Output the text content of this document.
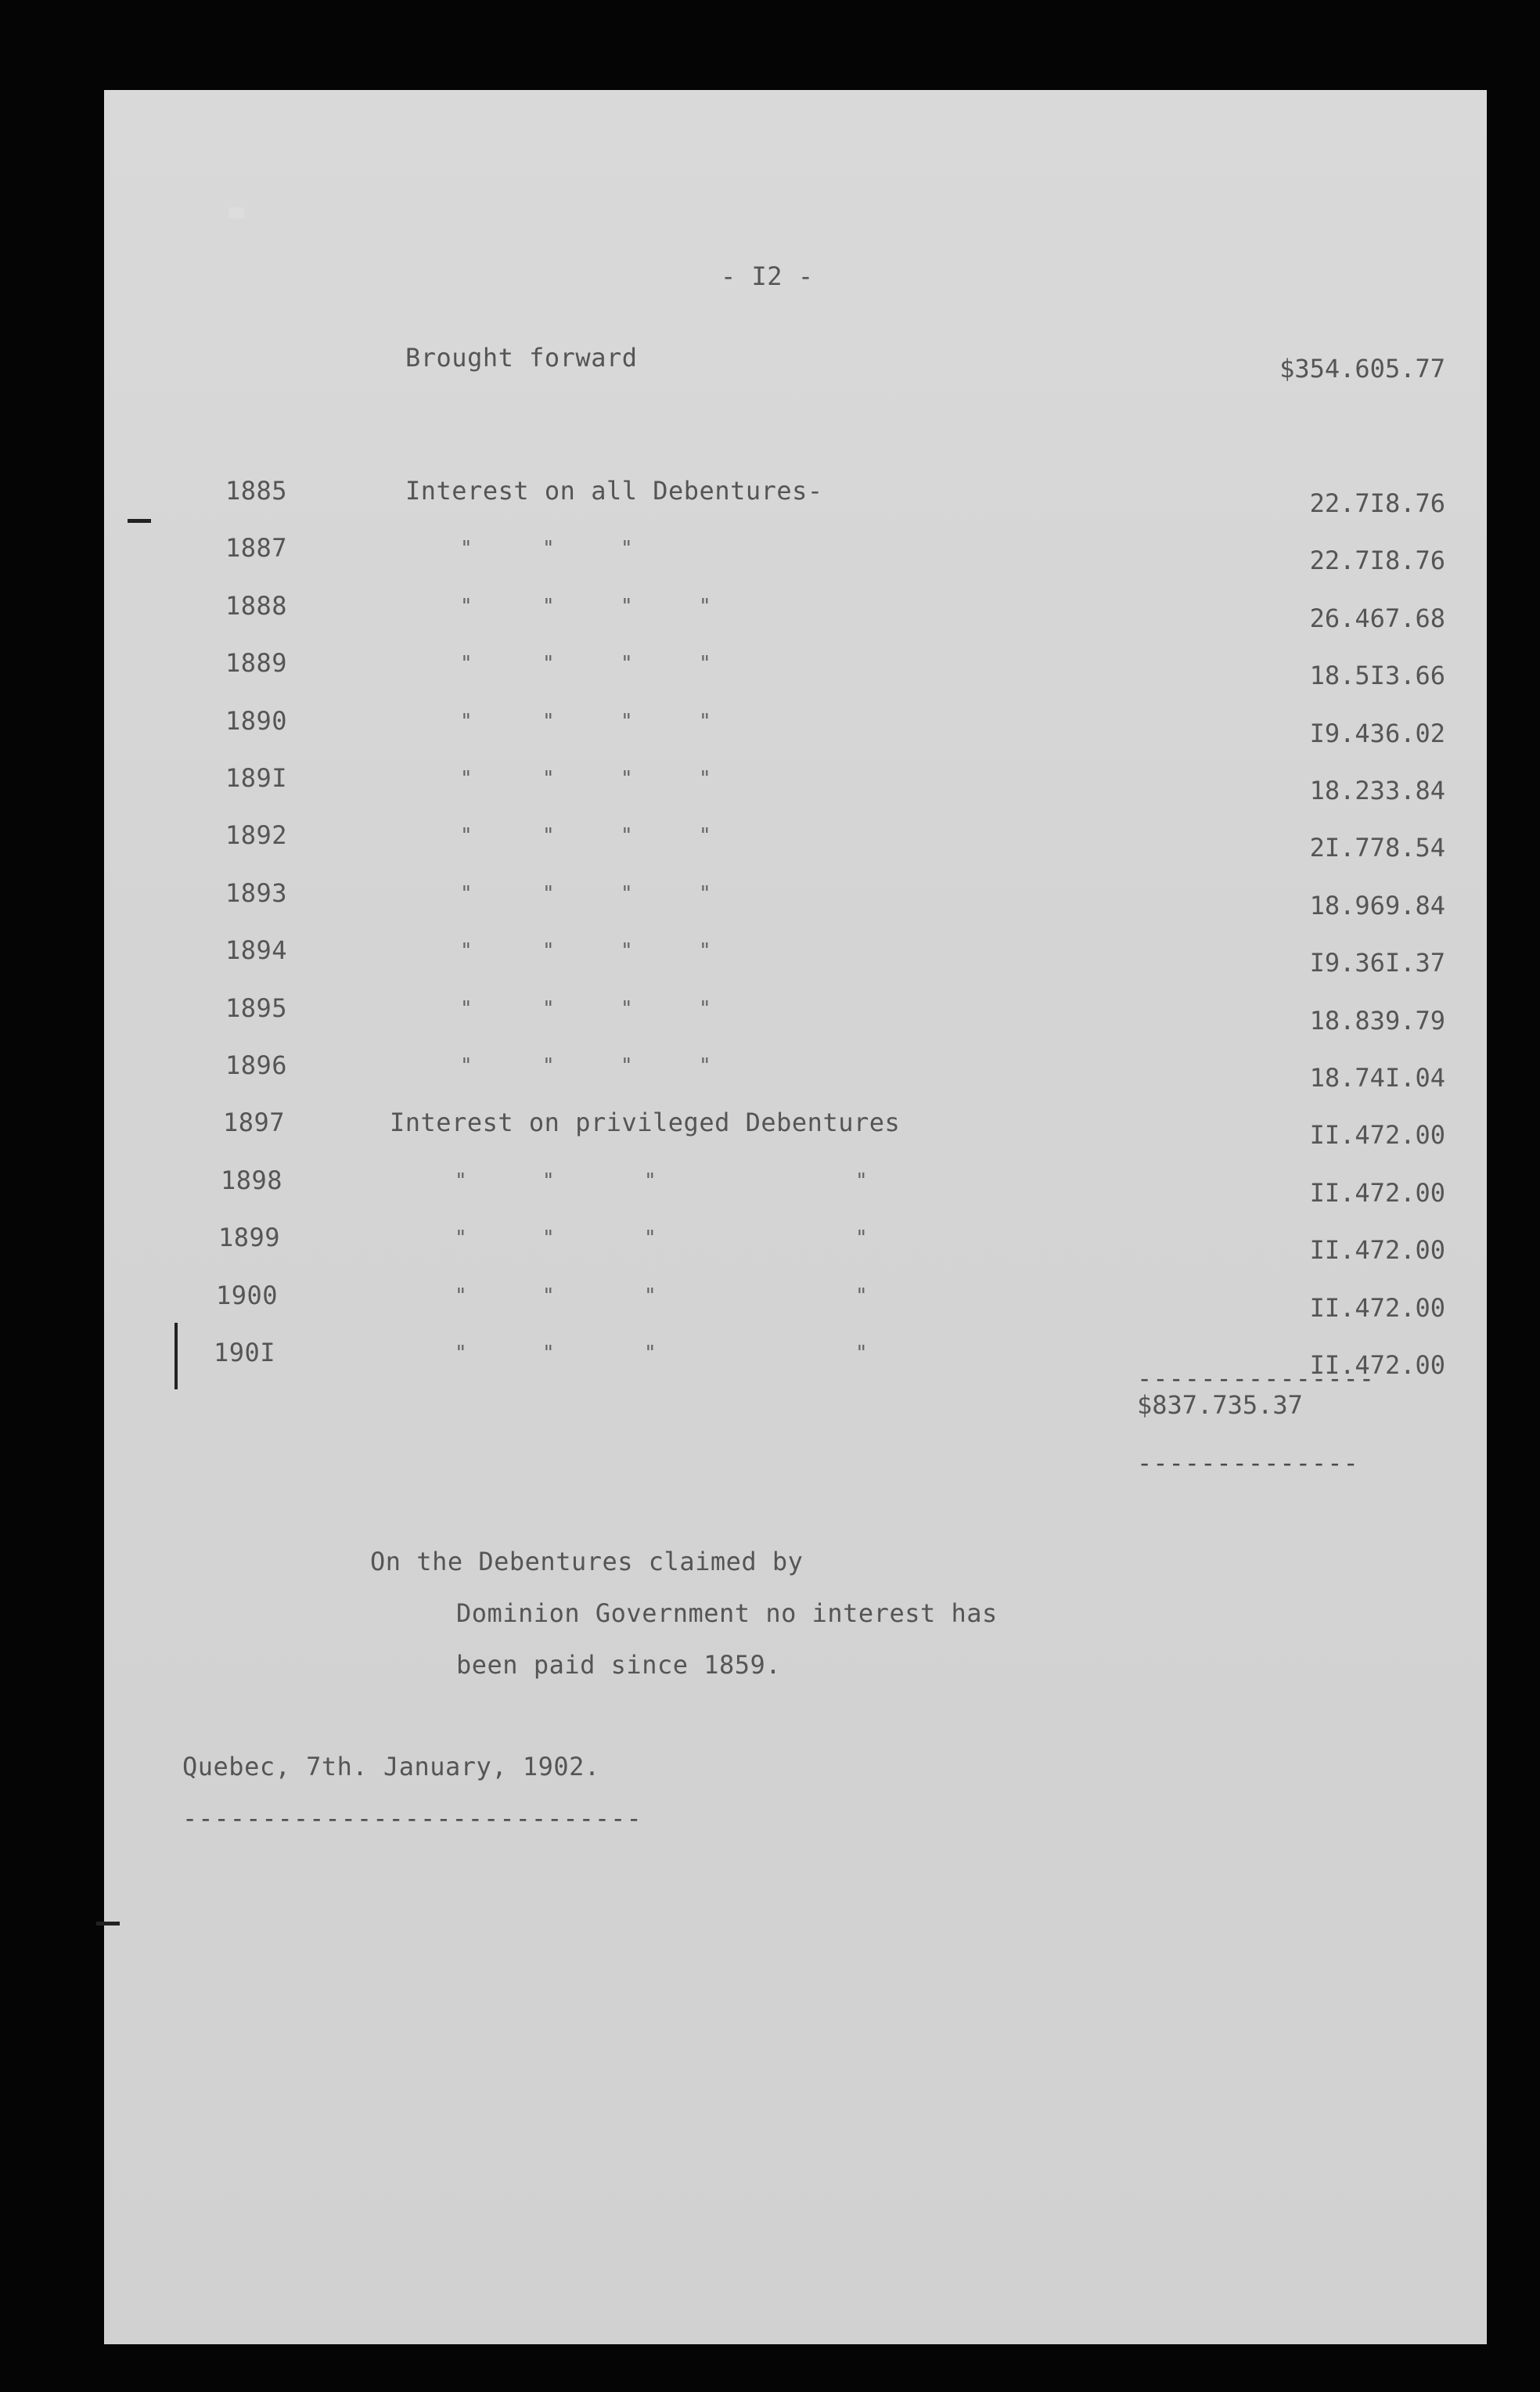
- I2 -
Brought forward	$354.605.77
1885	Interest on all Debentures-	22.7I8.76
1887	"	"	"	22.7I8.76
1888	"	"	"	"	26.467.68
1889	"	"	"	"	18.5I3.66
1890	"	"	"	"	I9.436.02
189I	"	"	"	"	18.233.84
1892	"	"	"	"	2I.778.54
1893	"	"	"	"	18.969.84
1894	"	"	"	"	I9.36I.37
1895	"	"	"	"	18.839.79
1896	"	"	"	"	18.74I.04
1897	Interest on privileged Debentures	II.472.00
1898	"	"	"	"	II.472.00
1899	"	"	"	"	II.472.00
1900	"	"	"	"	II.472.00
190I	"	"	"	"	II.472.00
---------------
$837.735.37
--------------
On the Debentures claimed by
Dominion Government no interest has
been paid since 1859.
Quebec, 7th. January, 1902.
-----------------------------
